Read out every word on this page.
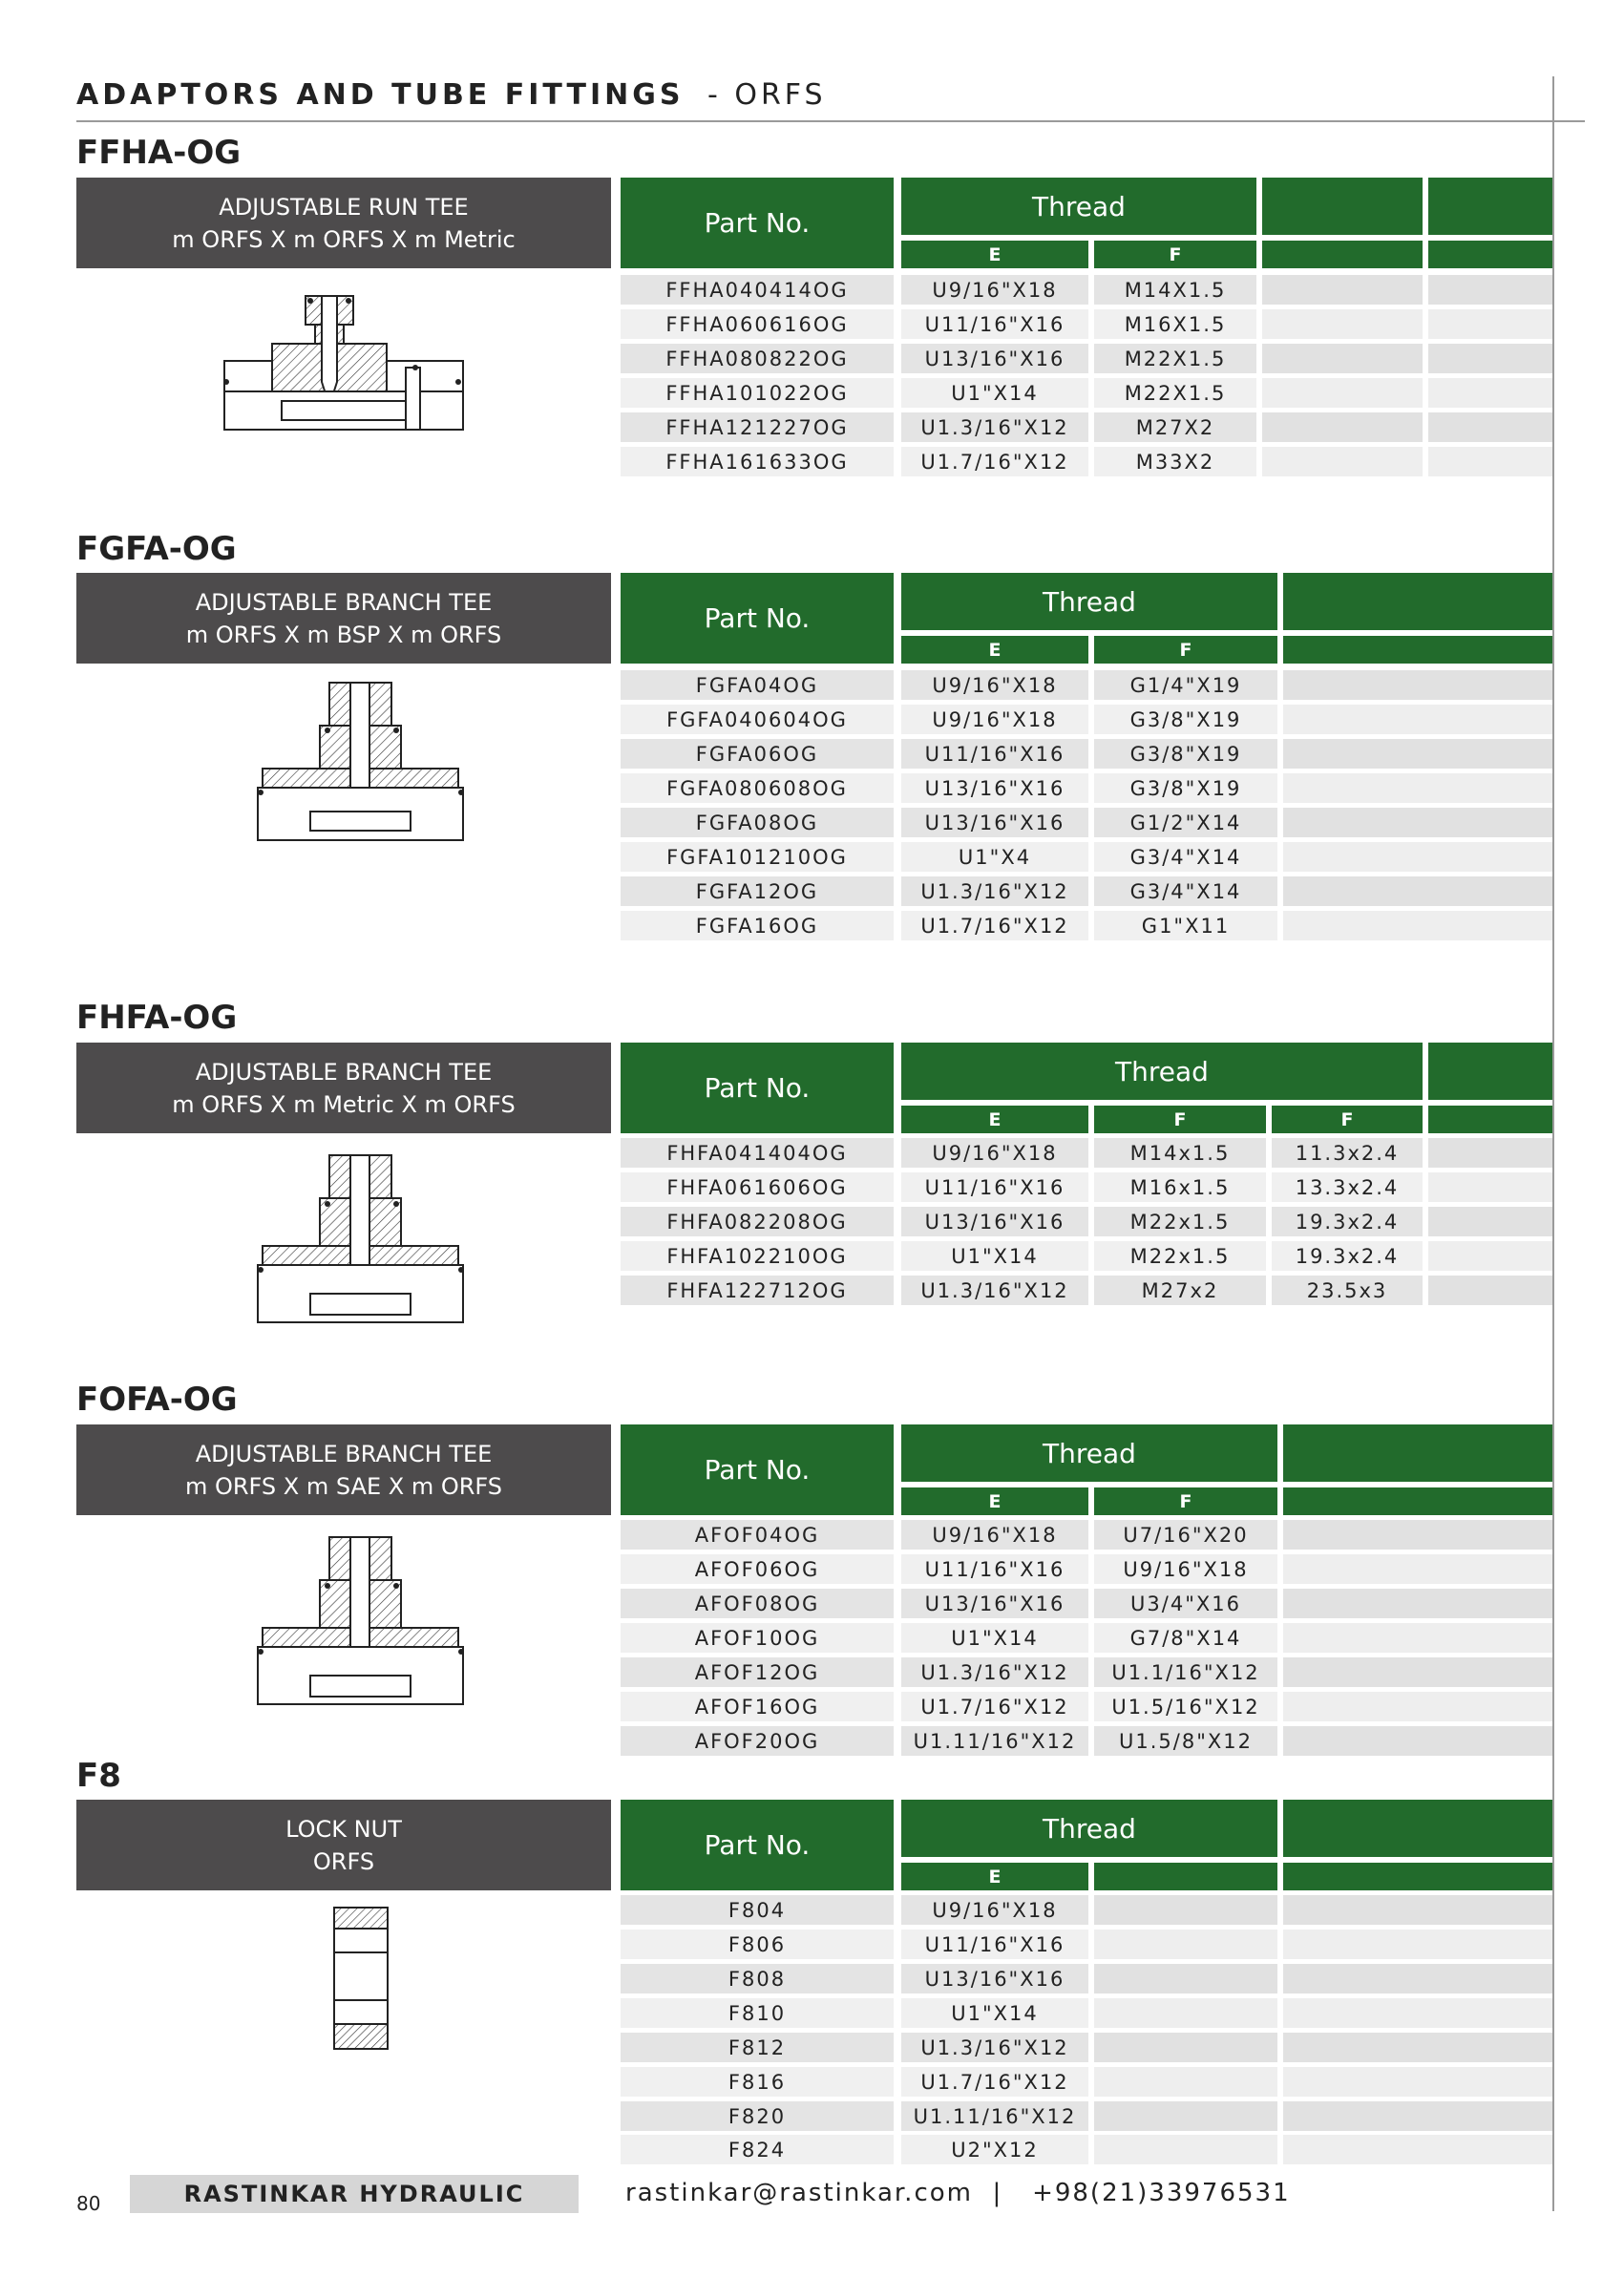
ADAPTORS AND TUBE FITTINGS - ORFS
FFHA-OG
ADJUSTABLE RUN TEE
m ORFS X m ORFS X m Metric
Part No.
Thread
E	F
FFHA040414OG	U9/16"X18	M14X1.5
FFHA060616OG	U11/16"X16	M16X1.5
FFHA080822OG	U13/16"X16	M22X1.5
FFHA101022OG	U1"X14	M22X1.5
FFHA121227OG	U1.3/16"X12	M27X2
FFHA161633OG	U1.7/16"X12	M33X2
FGFA-OG
ADJUSTABLE BRANCH TEE
m ORFS X m BSP X m ORFS
Part No.
Thread
E	F
FGFA04OG	U9/16"X18	G1/4"X19
FGFA040604OG	U9/16"X18	G3/8"X19
FGFA06OG	U11/16"X16	G3/8"X19
FGFA080608OG	U13/16"X16	G3/8"X19
FGFA08OG	U13/16"X16	G1/2"X14
FGFA101210OG	U1"X4	G3/4"X14
FGFA12OG	U1.3/16"X12	G3/4"X14
FGFA16OG	U1.7/16"X12	G1"X11
FHFA-OG
ADJUSTABLE BRANCH TEE
m ORFS X m Metric X m ORFS
Part No.
Thread
E	F	F
FHFA041404OG	U9/16"X18	M14x1.5	11.3x2.4
FHFA061606OG	U11/16"X16	M16x1.5	13.3x2.4
FHFA082208OG	U13/16"X16	M22x1.5	19.3x2.4
FHFA102210OG	U1"X14	M22x1.5	19.3x2.4
FHFA122712OG	U1.3/16"X12	M27x2	23.5x3
FOFA-OG
ADJUSTABLE BRANCH TEE
m ORFS X m SAE X m ORFS
Part No.
Thread
E	F
AFOF04OG	U9/16"X18	U7/16"X20
AFOF06OG	U11/16"X16	U9/16"X18
AFOF08OG	U13/16"X16	U3/4"X16
AFOF10OG	U1"X14	G7/8"X14
AFOF12OG	U1.3/16"X12	U1.1/16"X12
AFOF16OG	U1.7/16"X12	U1.5/16"X12
AFOF20OG	U1.11/16"X12	U1.5/8"X12
F8
LOCK NUT
ORFS
Part No.
Thread
E
F804	U9/16"X18
F806	U11/16"X16
F808	U13/16"X16
F810	U1"X14
F812	U1.3/16"X12
F816	U1.7/16"X12
F820	U1.11/16"X12
F824	U2"X12
80	RASTINKAR HYDRAULIC	rastinkar@rastinkar.com  |   +98(21)33976531
